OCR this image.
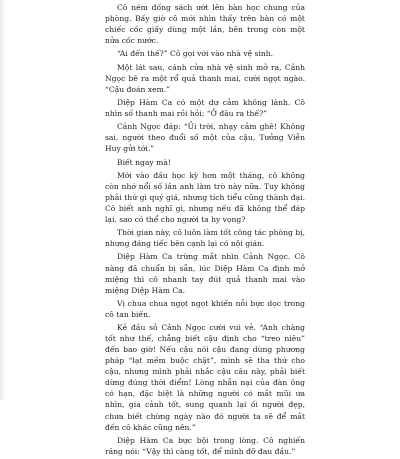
Cô ném đống sách ướt lên bàn học chung của phòng. Bấy giờ cô mới nhìn thấy trên bàn có một chiếc cốc giấy dùng một lần, bên trong còn một nửa cốc nước.

“Ai đến thế?” Cô gọi với vào nhà vệ sinh.

Một lát sau, cánh cửa nhà vệ sinh mở ra, Cảnh Ngọc bê ra một rổ quả thanh mai, cười ngọt ngào. “Cậu đoán xem.”

Diệp Hàm Ca có một dự cảm không lành. Cô nhìn số thanh mai rồi hỏi: “Ở đâu ra thế?”

Cảnh Ngọc đáp: “Ủi trời, nhạy cảm ghê! Không sai, người theo đuổi số một của cậu, Tưởng Viễn Huy gửi tới.”

Biết ngay mà!

Mới vào đầu học kỳ hơn một tháng, cô không còn nhớ nổi số lần anh làm trò này nữa. Tuy không phải thứ gì quý giá, nhưng tích tiểu cũng thành đại. Cô biết anh nghĩ gì, nhưng nếu đã không thể đáp lại, sao có thể cho người ta hy vọng?

Thời gian này, cô luôn làm tốt công tác phòng bị, nhưng đáng tiếc bên cạnh lại có nội gián.

Diệp Hàm Ca trừng mắt nhìn Cảnh Ngọc. Cô nàng đã chuẩn bị sẵn, lúc Diệp Hàm Ca định mở miệng thì cô nhanh tay đút quả thanh mai vào miệng Diệp Hàm Ca.

Vị chua chua ngọt ngọt khiến nỗi bực dọc trong cô tan biến.

Kẻ đầu sỏ Cảnh Ngọc cười vui vẻ. “Anh chàng tốt như thế, chẳng biết cậu định cho “treo niêu” đến bao giờ! Nếu cậu nói cậu đang dùng phương pháp “lạt mềm buộc chặt”, mình sẽ tha thứ cho cậu, nhưng mình phải nhắc cậu câu này, phải biết dừng đúng thời điểm! Lòng nhẫn nại của đàn ông có hạn, đặc biệt là những người có mắt mũi ưa nhìn, gia cảnh tốt, sung quanh lại ối người đẹp, chưa biết chừng ngày nào đó người ta sẽ để mắt đến cô khác cũng nên.”

Diệp Hàm Ca bực bội trong lòng. Cô nghiến răng nói: “Vậy thì càng tốt, để mình đỡ đau đầu.”
